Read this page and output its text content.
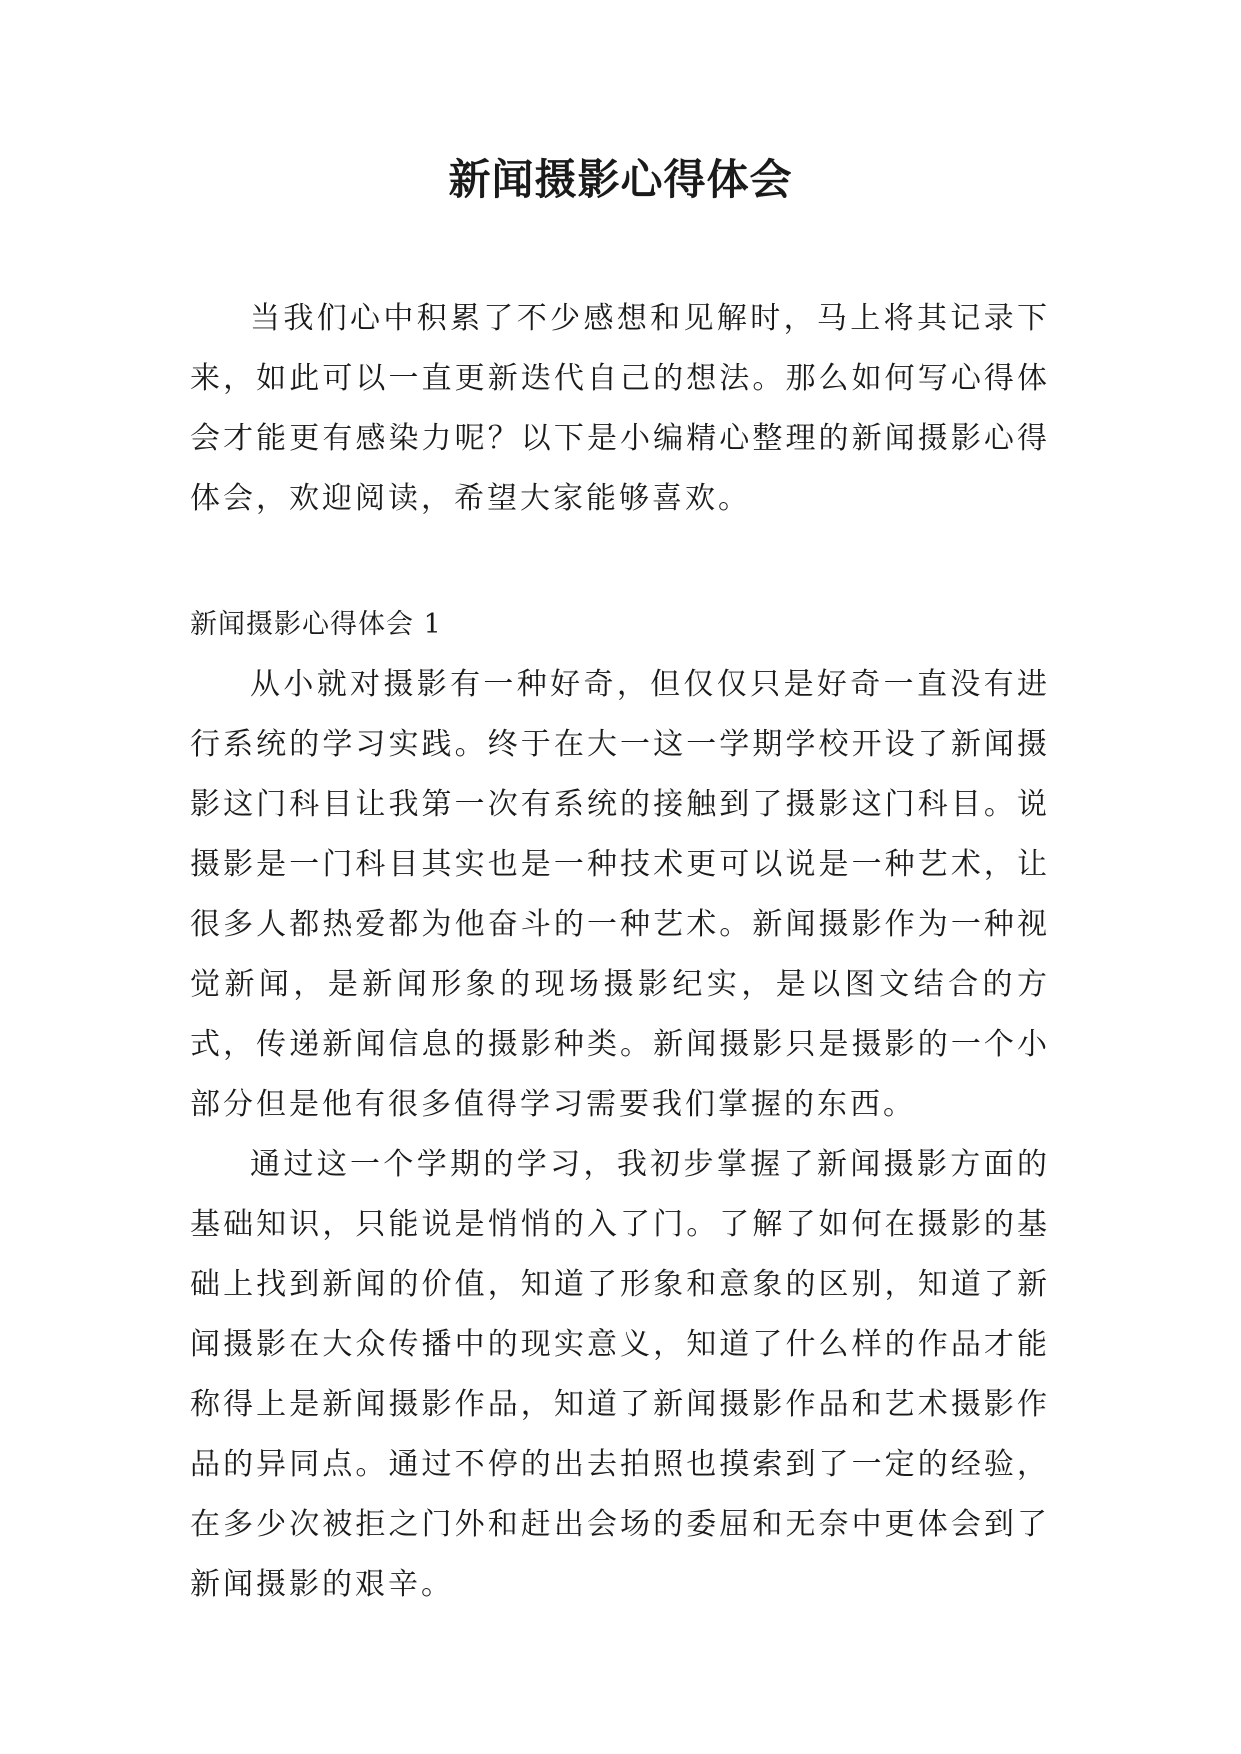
新闻摄影心得体会

当我们心中积累了不少感想和见解时，马上将其记录下来，如此可以一直更新迭代自己的想法。那么如何写心得体会才能更有感染力呢？以下是小编精心整理的新闻摄影心得体会，欢迎阅读，希望大家能够喜欢。

新闻摄影心得体会 1

从小就对摄影有一种好奇，但仅仅只是好奇一直没有进行系统的学习实践。终于在大一这一学期学校开设了新闻摄影这门科目让我第一次有系统的接触到了摄影这门科目。说摄影是一门科目其实也是一种技术更可以说是一种艺术，让很多人都热爱都为他奋斗的一种艺术。新闻摄影作为一种视觉新闻，是新闻形象的现场摄影纪实，是以图文结合的方式，传递新闻信息的摄影种类。新闻摄影只是摄影的一个小部分但是他有很多值得学习需要我们掌握的东西。

通过这一个学期的学习，我初步掌握了新闻摄影方面的基础知识，只能说是悄悄的入了门。了解了如何在摄影的基础上找到新闻的价值，知道了形象和意象的区别，知道了新闻摄影在大众传播中的现实意义，知道了什么样的作品才能称得上是新闻摄影作品，知道了新闻摄影作品和艺术摄影作品的异同点。通过不停的出去拍照也摸索到了一定的经验，在多少次被拒之门外和赶出会场的委屈和无奈中更体会到了新闻摄影的艰辛。
